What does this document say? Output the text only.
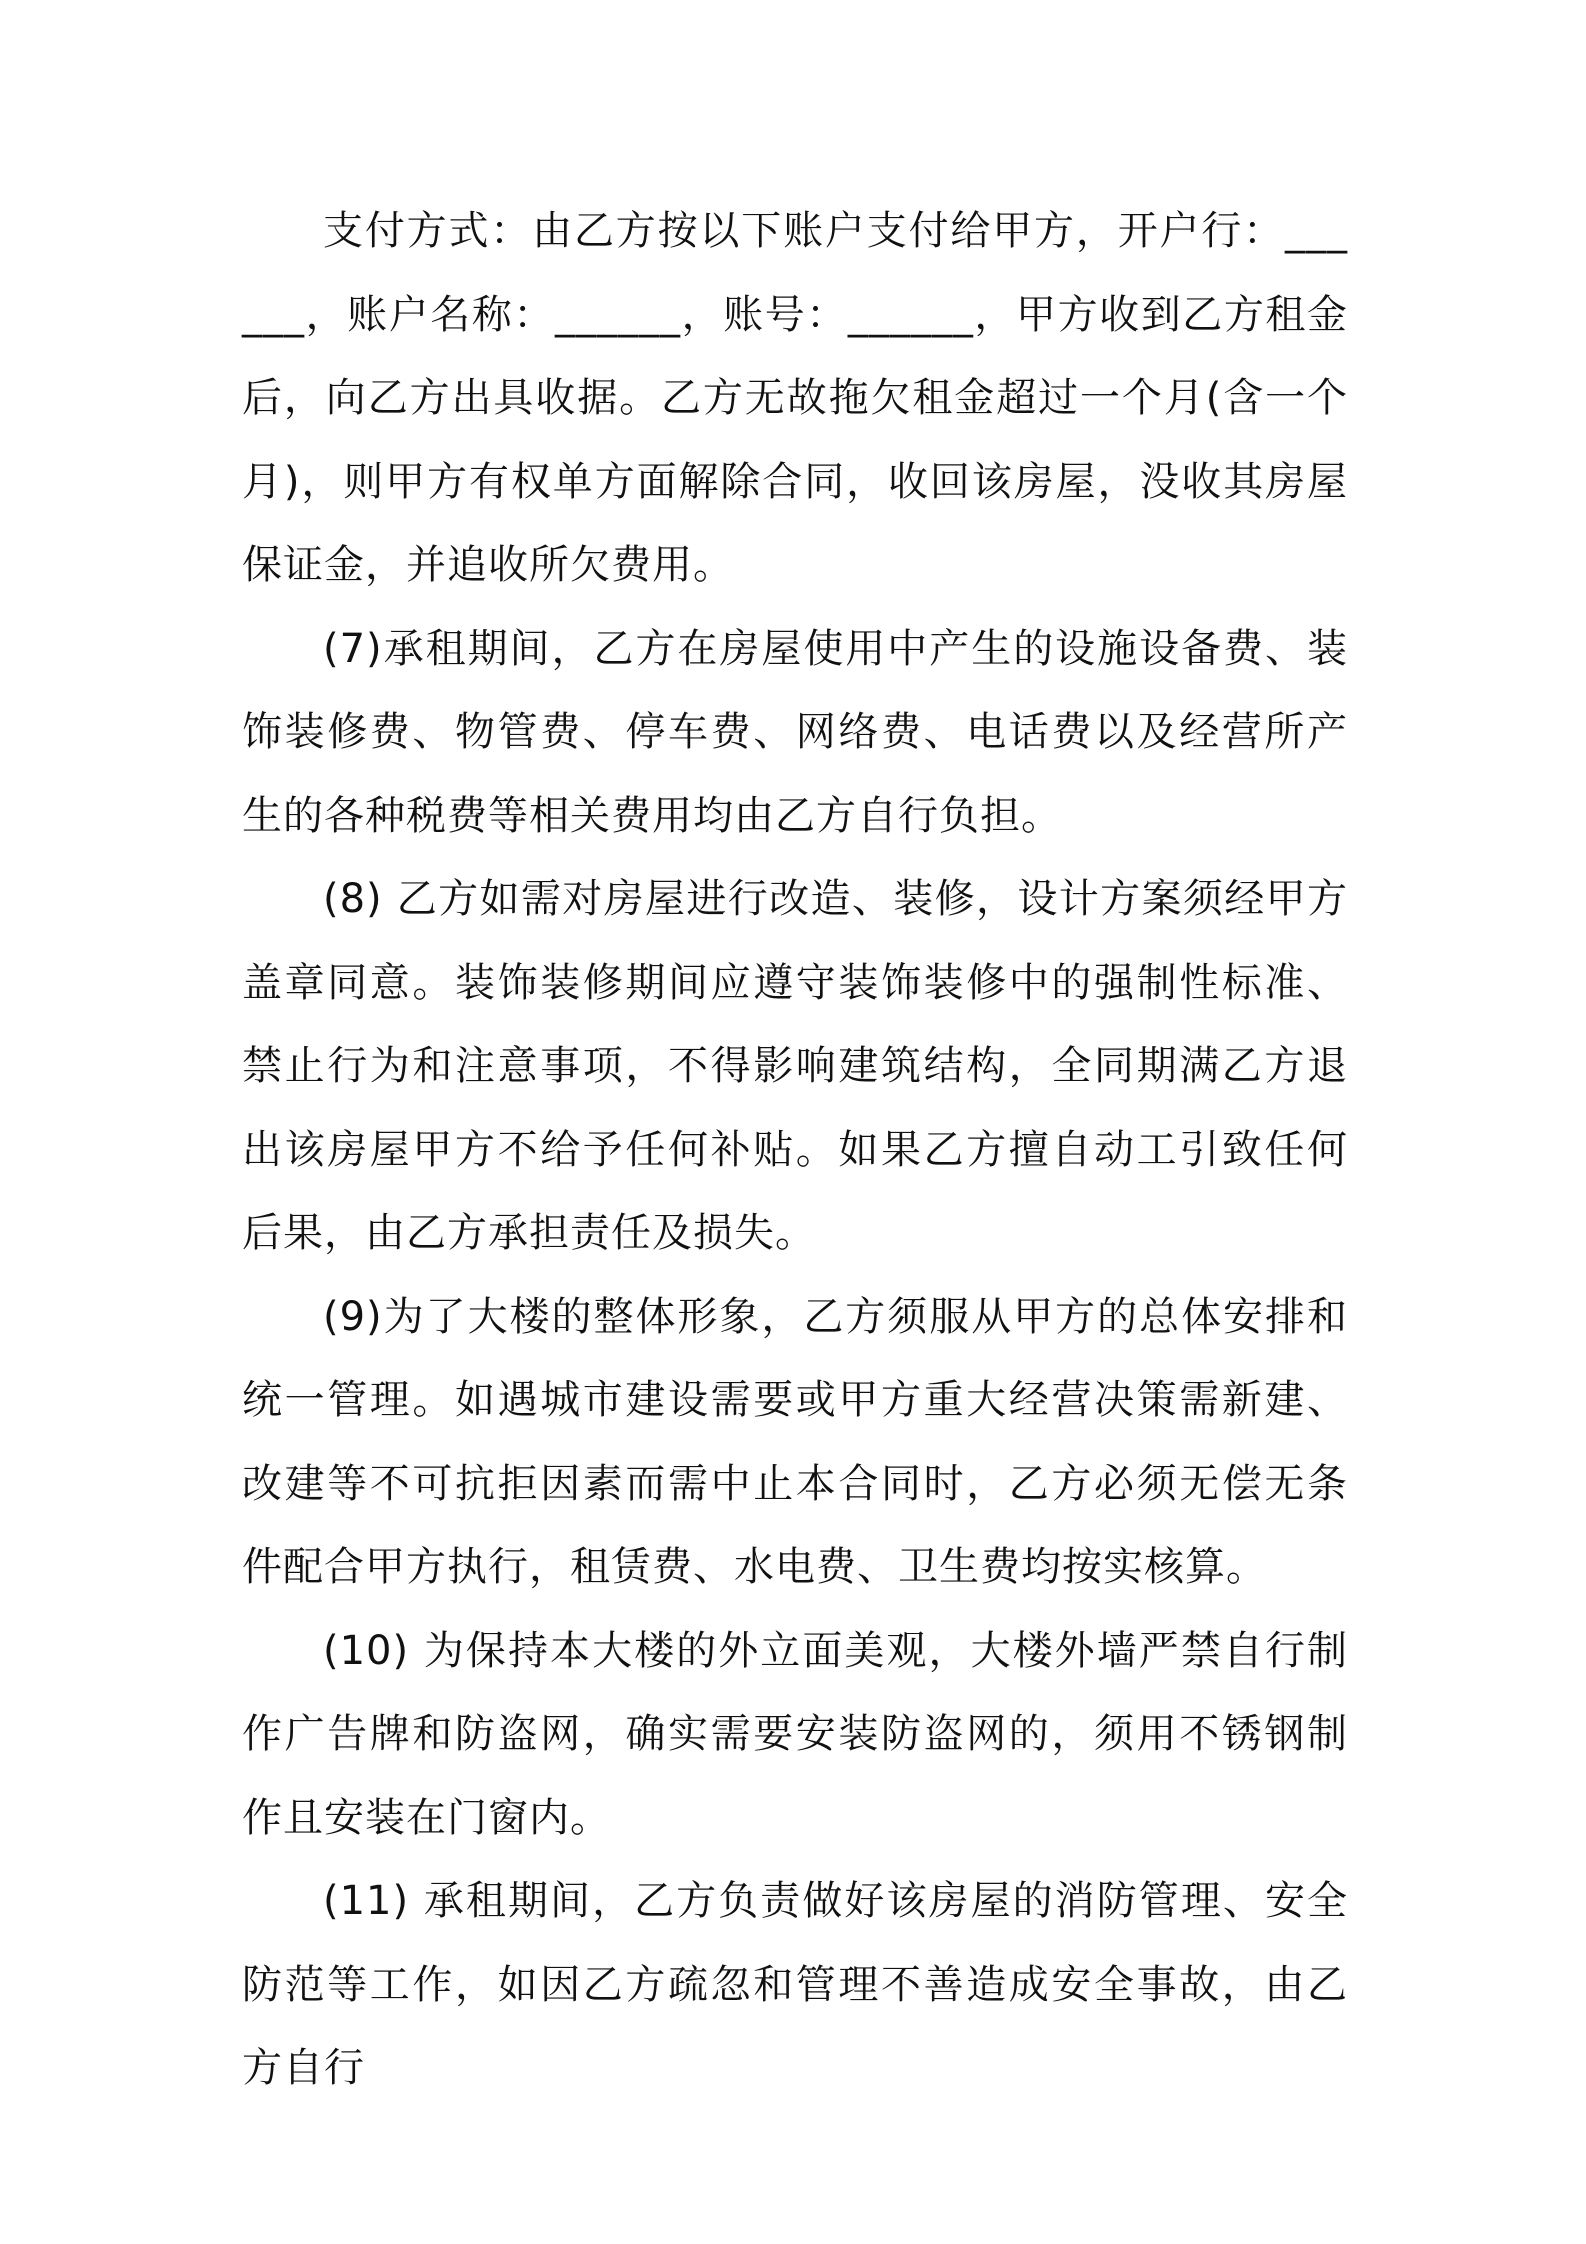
支付方式：由乙方按以下账户支付给甲方，开户行：______，账户名称：______，账号：______，甲方收到乙方租金后，向乙方出具收据。乙方无故拖欠租金超过一个月(含一个月)，则甲方有权单方面解除合同，收回该房屋，没收其房屋保证金，并追收所欠费用。

(7)承租期间，乙方在房屋使用中产生的设施设备费、装饰装修费、物管费、停车费、网络费、电话费以及经营所产生的各种税费等相关费用均由乙方自行负担。

(8) 乙方如需对房屋进行改造、装修，设计方案须经甲方盖章同意。装饰装修期间应遵守装饰装修中的强制性标准、禁止行为和注意事项，不得影响建筑结构，全同期满乙方退出该房屋甲方不给予任何补贴。如果乙方擅自动工引致任何后果，由乙方承担责任及损失。

(9)为了大楼的整体形象，乙方须服从甲方的总体安排和统一管理。如遇城市建设需要或甲方重大经营决策需新建、改建等不可抗拒因素而需中止本合同时，乙方必须无偿无条件配合甲方执行，租赁费、水电费、卫生费均按实核算。

(10) 为保持本大楼的外立面美观，大楼外墙严禁自行制作广告牌和防盗网，确实需要安装防盗网的，须用不锈钢制作且安装在门窗内。

(11) 承租期间，乙方负责做好该房屋的消防管理、安全防范等工作，如因乙方疏忽和管理不善造成安全事故，由乙方自行
